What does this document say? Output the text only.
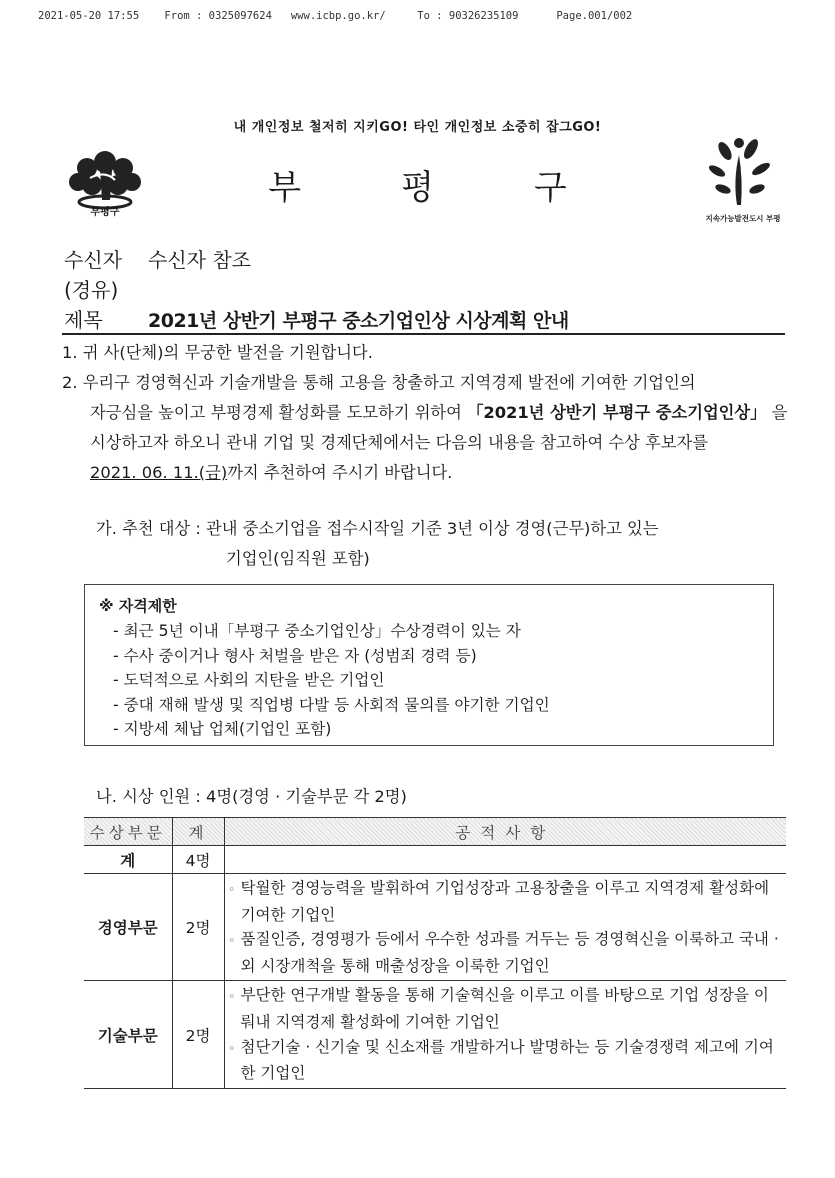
2021-05-20 17:55    From : 0325097624   www.icbp.go.kr/     To : 90326235109      Page.001/002
내 개인정보 철저히 지키GO! 타인 개인정보 소중히 잡그GO!
부평구
부평구
지속가능발전도시 부평
수신자 수신자 참조
(경유)
제목 2021년 상반기 부평구 중소기업인상 시상계획 안내
1. 귀 사(단체)의 무궁한 발전을 기원합니다.
2. 우리구 경영혁신과 기술개발을 통해 고용을 창출하고 지역경제 발전에 기여한 기업인의
자긍심을 높이고 부평경제 활성화를 도모하기 위하여 「2021년 상반기 부평구 중소기업인상」 을
시상하고자 하오니 관내 기업 및 경제단체에서는 다음의 내용을 참고하여 수상 후보자를
2021. 06. 11.(금)까지 추천하여 주시기 바랍니다.
가. 추천 대상 : 관내 중소기업을 접수시작일 기준 3년 이상 경영(근무)하고 있는
기업인(임직원 포함)
※ 자격제한
- 최근 5년 이내「부평구 중소기업인상」수상경력이 있는 자
- 수사 중이거나 형사 처벌을 받은 자 (성범죄 경력 등)
- 도덕적으로 사회의 지탄을 받은 기업인
- 중대 재해 발생 및 직업병 다발 등 사회적 물의를 야기한 기업인
- 지방세 체납 업체(기업인 포함)
나. 시상 인원 : 4명(경영 · 기술부문 각 2명)
수상부문	계	공적사항
계	4명	
경영부문	2명	◦ 탁월한 경영능력을 발휘하여 기업성장과 고용창출을 이루고 지역경제 활성화에 기여한 기업인
◦ 품질인증, 경영평가 등에서 우수한 성과를 거두는 등 경영혁신을 이룩하고 국내 · 외 시장개척을 통해 매출성장을 이룩한 기업인

기술부문	2명	◦ 부단한 연구개발 활동을 통해 기술혁신을 이루고 이를 바탕으로 기업 성장을 이뤄내 지역경제 활성화에 기여한 기업인
◦ 첨단기술 · 신기술 및 신소재를 개발하거나 발명하는 등 기술경쟁력 제고에 기여한 기업인
